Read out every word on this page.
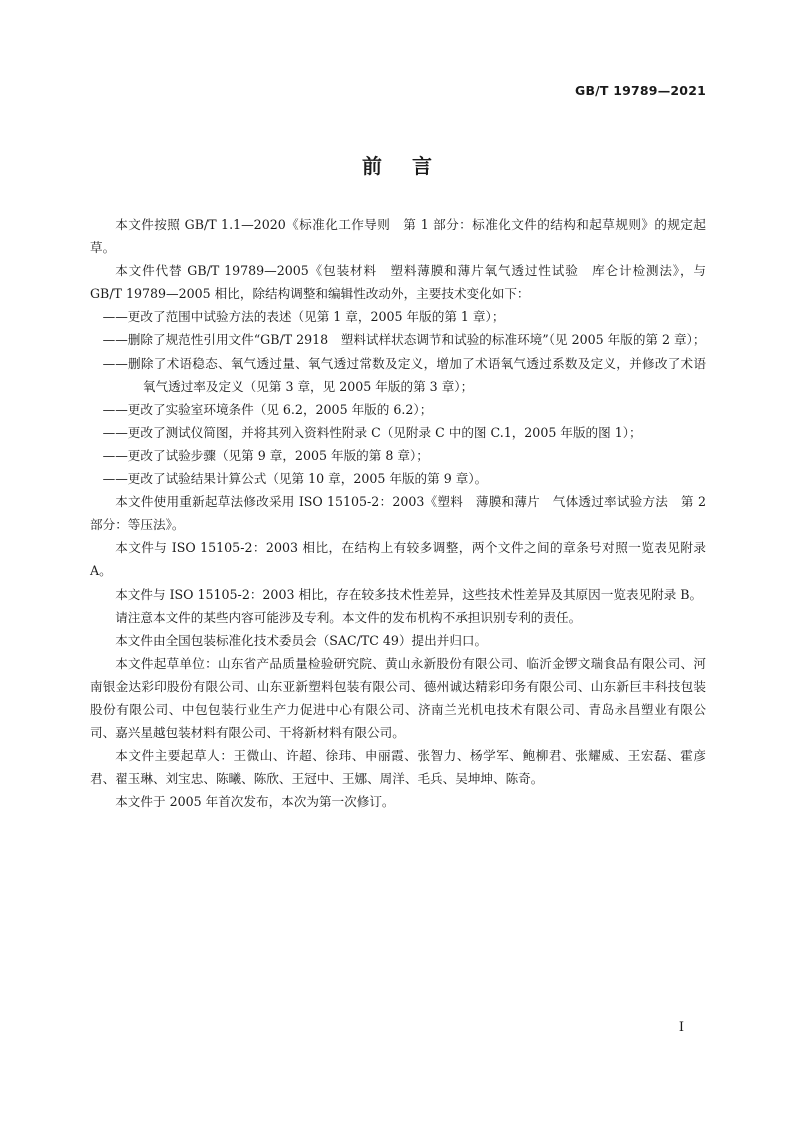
GB/T 19789—2021
前言

本文件按照 GB/T 1.1—2020《标准化工作导则　第 1 部分：标准化文件的结构和起草规则》的规定起草。

本文件代替 GB/T 19789—2005《包装材料　塑料薄膜和薄片氧气透过性试验　库仑计检测法》，与 GB/T 19789—2005 相比，除结构调整和编辑性改动外，主要技术变化如下：

——更改了范围中试验方法的表述（见第 1 章，2005 年版的第 1 章）；
——删除了规范性引用文件“GB/T 2918　塑料试样状态调节和试验的标准环境”（见 2005 年版的第 2 章）；
——删除了术语稳态、氧气透过量、氧气透过常数及定义，增加了术语氧气透过系数及定义，并修改了术语氧气透过率及定义（见第 3 章，见 2005 年版的第 3 章）；
——更改了实验室环境条件（见 6.2，2005 年版的 6.2）；
——更改了测试仪简图，并将其列入资料性附录 C（见附录 C 中的图 C.1，2005 年版的图 1）；
——更改了试验步骤（见第 9 章，2005 年版的第 8 章）；
——更改了试验结果计算公式（见第 10 章，2005 年版的第 9 章）。

本文件使用重新起草法修改采用 ISO 15105-2：2003《塑料　薄膜和薄片　气体透过率试验方法　第 2 部分：等压法》。

本文件与 ISO 15105-2：2003 相比，在结构上有较多调整，两个文件之间的章条号对照一览表见附录 A。

本文件与 ISO 15105-2：2003 相比，存在较多技术性差异，这些技术性差异及其原因一览表见附录 B。

请注意本文件的某些内容可能涉及专利。本文件的发布机构不承担识别专利的责任。

本文件由全国包装标准化技术委员会（SAC/TC 49）提出并归口。

本文件起草单位：山东省产品质量检验研究院、黄山永新股份有限公司、临沂金锣文瑞食品有限公司、河南银金达彩印股份有限公司、山东亚新塑料包装有限公司、德州诚达精彩印务有限公司、山东新巨丰科技包装股份有限公司、中包包装行业生产力促进中心有限公司、济南兰光机电技术有限公司、青岛永昌塑业有限公司、嘉兴星越包装材料有限公司、干将新材料有限公司。

本文件主要起草人：王微山、许超、徐玮、申丽霞、张智力、杨学军、鲍柳君、张耀威、王宏磊、霍彦君、翟玉琳、刘宝忠、陈曦、陈欣、王冠中、王娜、周洋、毛兵、吴坤坤、陈奇。

本文件于 2005 年首次发布，本次为第一次修订。

I
